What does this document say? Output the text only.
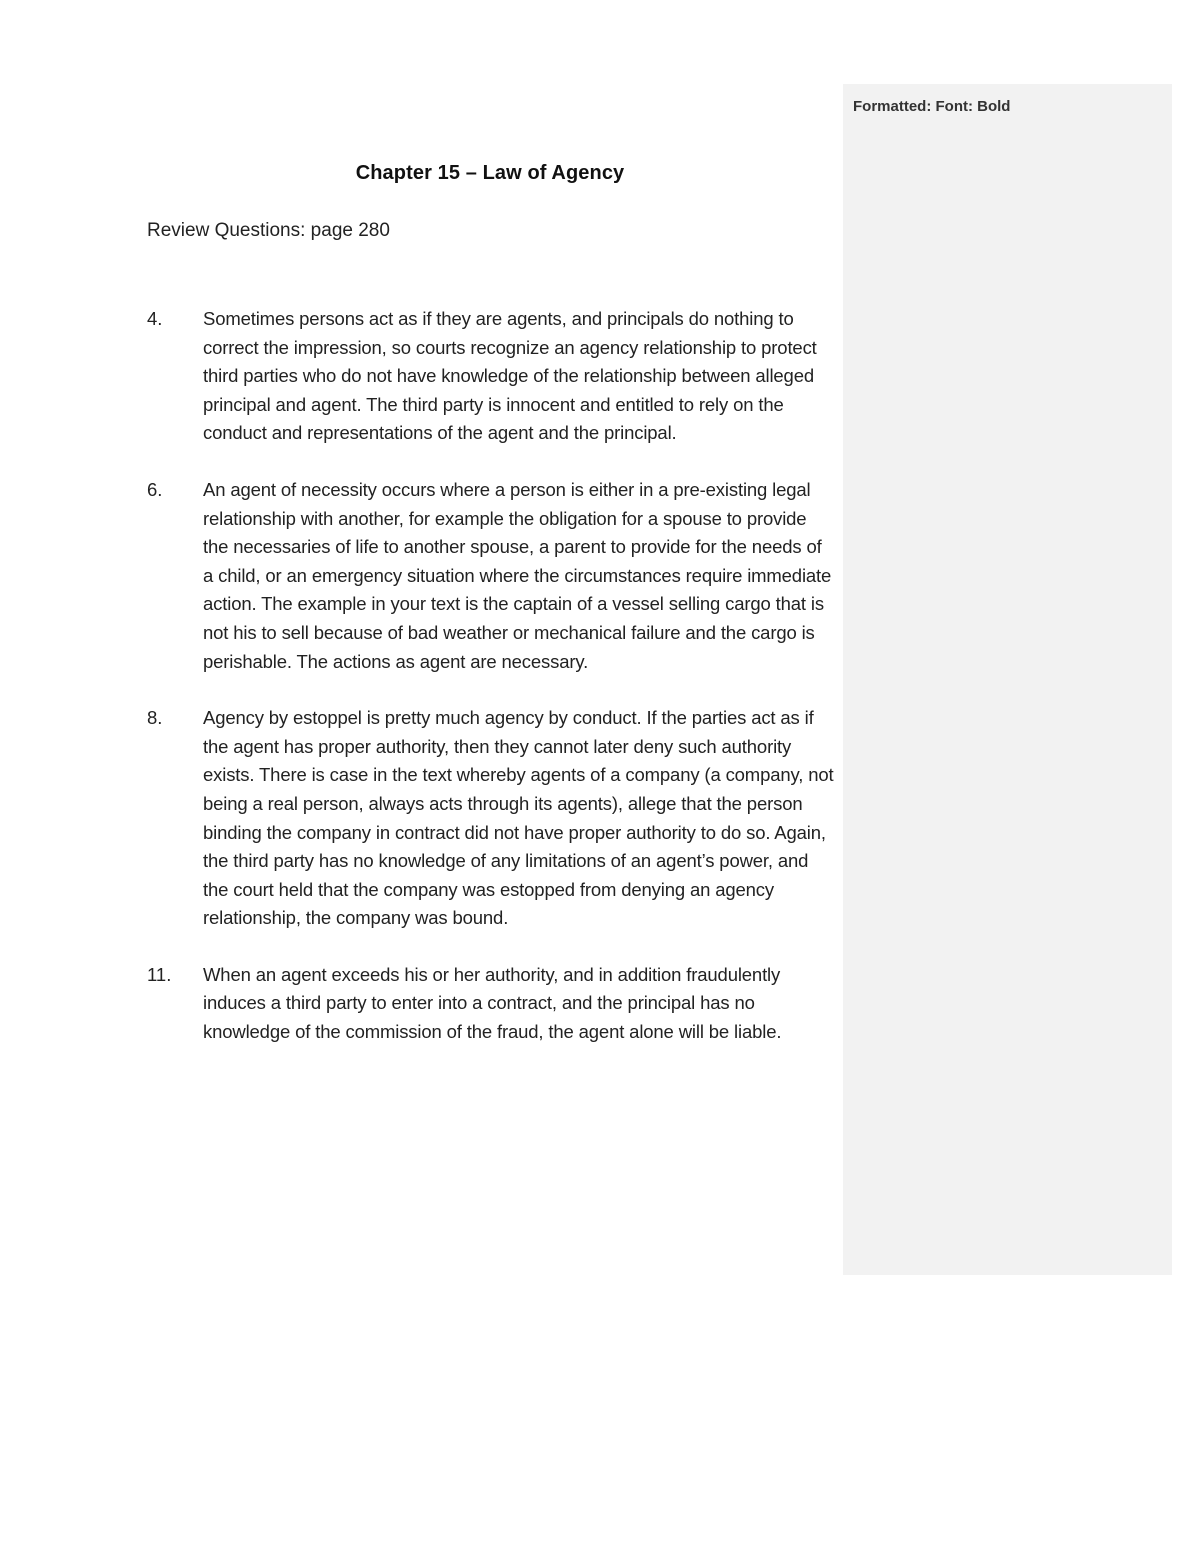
Formatted: Font: Bold
Chapter 15 – Law of Agency
Review Questions: page 280
4.	Sometimes persons act as if they are agents, and principals do nothing to correct the impression, so courts recognize an agency relationship to protect third parties who do not have knowledge of the relationship between alleged principal and agent. The third party is innocent and entitled to rely on the conduct and representations of the agent and the principal.
6.	An agent of necessity occurs where a person is either in a pre-existing legal relationship with another, for example the obligation for a spouse to provide the necessaries of life to another spouse, a parent to provide for the needs of a child, or an emergency situation where the circumstances require immediate action. The example in your text is the captain of a vessel selling cargo that is not his to sell because of bad weather or mechanical failure and the cargo is perishable. The actions as agent are necessary.
8.	Agency by estoppel is pretty much agency by conduct. If the parties act as if the agent has proper authority, then they cannot later deny such authority exists. There is case in the text whereby agents of a company (a company, not being a real person, always acts through its agents), allege that the person binding the company in contract did not have proper authority to do so. Again, the third party has no knowledge of any limitations of an agent’s power, and the court held that the company was estopped from denying an agency relationship, the company was bound.
11.	When an agent exceeds his or her authority, and in addition fraudulently induces a third party to enter into a contract, and the principal has no knowledge of the commission of the fraud, the agent alone will be liable.
